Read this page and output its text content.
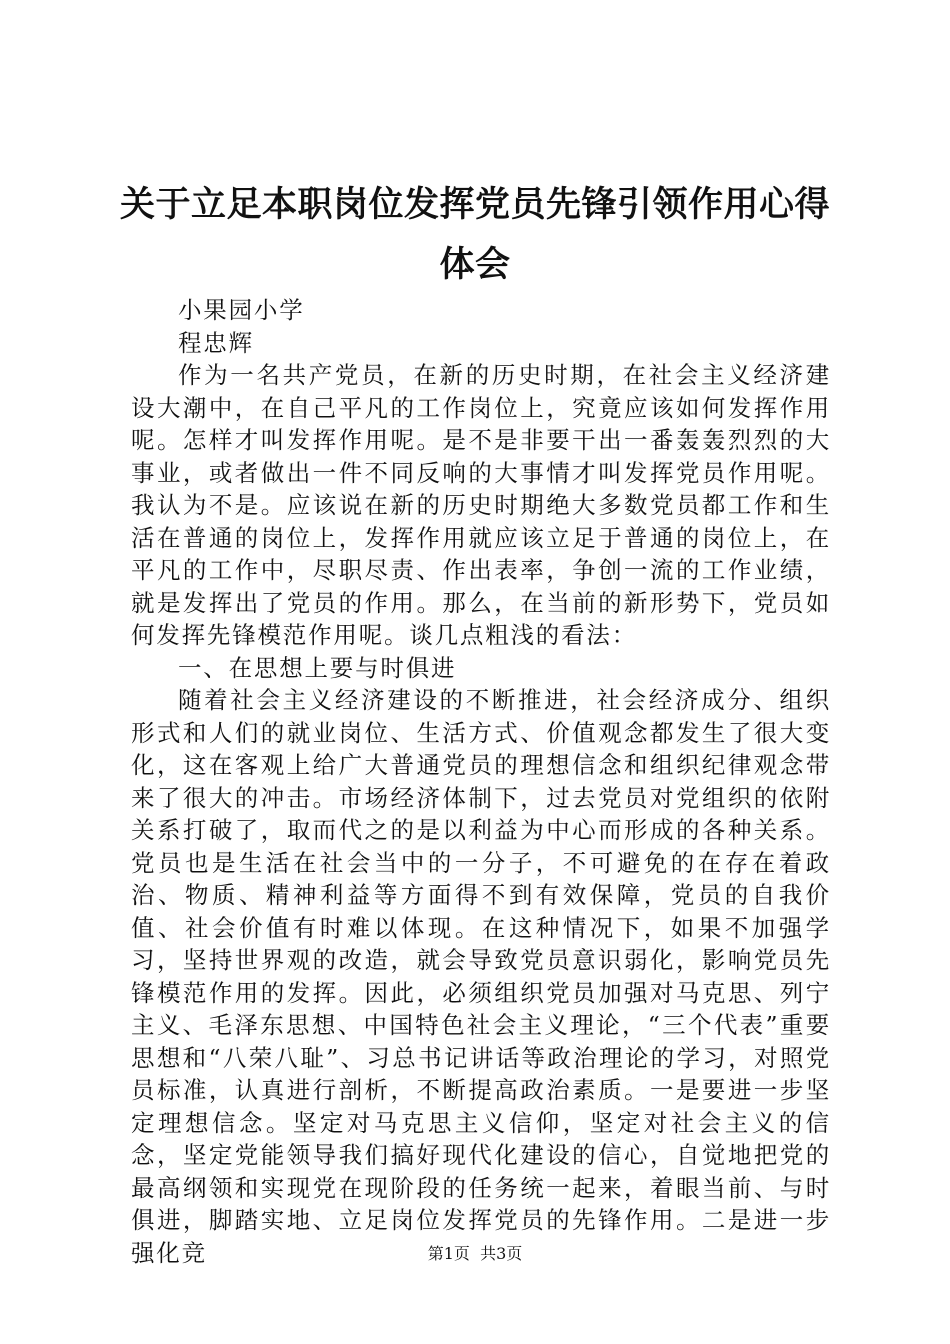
关于立足本职岗位发挥党员先锋引领作用心得体会

小果园小学

程忠辉

作为一名共产党员，在新的历史时期，在社会主义经济建设大潮中，在自己平凡的工作岗位上，究竟应该如何发挥作用呢。怎样才叫发挥作用呢。是不是非要干出一番轰轰烈烈的大事业，或者做出一件不同反响的大事情才叫发挥党员作用呢。我认为不是。应该说在新的历史时期绝大多数党员都工作和生活在普通的岗位上，发挥作用就应该立足于普通的岗位上，在平凡的工作中，尽职尽责、作出表率，争创一流的工作业绩，就是发挥出了党员的作用。那么，在当前的新形势下，党员如何发挥先锋模范作用呢。谈几点粗浅的看法：

一、在思想上要与时俱进

随着社会主义经济建设的不断推进，社会经济成分、组织形式和人们的就业岗位、生活方式、价值观念都发生了很大变化，这在客观上给广大普通党员的理想信念和组织纪律观念带来了很大的冲击。市场经济体制下，过去党员对党组织的依附关系打破了，取而代之的是以利益为中心而形成的各种关系。党员也是生活在社会当中的一分子，不可避免的在存在着政治、物质、精神利益等方面得不到有效保障，党员的自我价值、社会价值有时难以体现。在这种情况下，如果不加强学习，坚持世界观的改造，就会导致党员意识弱化，影响党员先锋模范作用的发挥。因此，必须组织党员加强对马克思、列宁主义、毛泽东思想、中国特色社会主义理论，“三个代表”重要思想和“八荣八耻”、习总书记讲话等政治理论的学习，对照党员标准，认真进行剖析，不断提高政治素质。一是要进一步坚定理想信念。坚定对马克思主义信仰，坚定对社会主义的信念，坚定党能领导我们搞好现代化建设的信心，自觉地把党的最高纲领和实现党在现阶段的任务统一起来，着眼当前、与时俱进，脚踏实地、立足岗位发挥党员的先锋作用。二是进一步强化竞	第1页  共3页
